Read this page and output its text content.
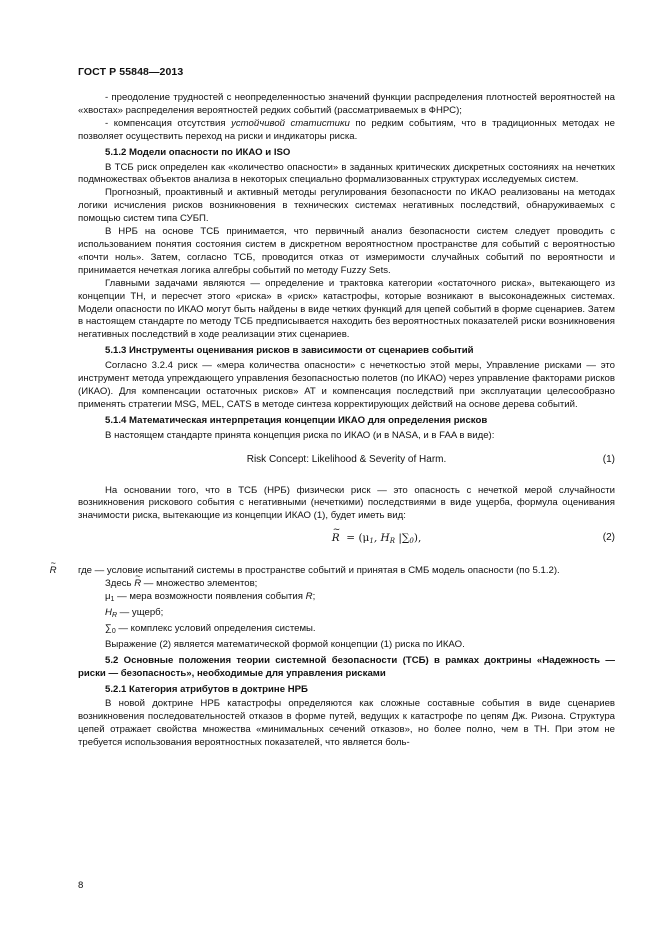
ГОСТ Р 55848—2013

- преодоление трудностей с неопределенностью значений функции распределения плотностей вероятностей на «хвостах» распределения вероятностей редких событий (рассматриваемых в ФНРС);

- компенсация отсутствия устойчивой статистики по редким событиям, что в традиционных методах не позволяет осуществить переход на риски и индикаторы риска.

5.1.2 Модели опасности по ИКАО и ISO

В ТСБ риск определен как «количество опасности» в заданных критических дискретных состояниях на нечетких подмножествах объектов анализа в некоторых специально формализованных структурах исследуемых систем.

Прогнозный, проактивный и активный методы регулирования безопасности по ИКАО реализованы на методах логики исчисления рисков возникновения в технических системах негативных последствий, обнаруживаемых с помощью систем типа СУБП.

В НРБ на основе ТСБ принимается, что первичный анализ безопасности систем следует проводить с использованием понятия состояния систем в дискретном вероятностном пространстве для событий с вероятностью «почти ноль». Затем, согласно ТСБ, проводится отказ от измеримости случайных событий по вероятности и принимается нечеткая логика алгебры событий по методу Fuzzy Sets.

Главными задачами являются — определение и трактовка категории «остаточного риска», вытекающего из концепции ТН, и пересчет этого «риска» в «риск» катастрофы, которые возникают в высоконадежных системах. Модели опасности по ИКАО могут быть найдены в виде четких функций для цепей событий в форме сценариев. Затем в настоящем стандарте по методу ТСБ предписывается находить без вероятностных показателей риски возникновения негативных последствий в ходе реализации этих сценариев.

5.1.3 Инструменты оценивания рисков в зависимости от сценариев событий

Согласно 3.2.4 риск — «мера количества опасности» с нечеткостью этой меры, Управление рисками — это инструмент метода упреждающего управления безопасностью полетов (по ИКАО) через управление факторами рисков (ИКАО). Для компенсации остаточных рисков» АТ и компенсация последствий при эксплуатации целесообразно применять стратегии MSG, MEL, CATS в методе синтеза корректирующих действий на основе дерева событий.

5.1.4 Математическая интерпретация концепции ИКАО для определения рисков

В настоящем стандарте принята концепция риска по ИКАО (и в NASA, и в FAA в виде):

Risk Concept: Likelihood & Severity of Harm.	(1)

На основании того, что в ТСБ (НРБ) физически риск — это опасность с нечеткой мерой случайности возникновения рискового события с негативными (нечеткими) последствиями в виде ущерба, формула оценивания значимости риска, вытекающие из концепции ИКАО (1), будет иметь вид:

~ $R = (\mu_1$, $H_R$ $|\sum_0$),	(2)

где R	— условие испытаний системы в пространстве событий и принятая в СМБ модель опасности (по 5.1.2).

Здесь ~ R — множество элементов;

$\mu_1$ — мера возможности появления события R;

$H_R$ — ущерб;

$\sum_0$ — комплекс условий определения системы.

Выражение (2) является математической формой концепции (1) риска по ИКАО.

5.2 Основные положения теории системной безопасности (ТСБ) в рамках доктрины «Надежность — риски — безопасность», необходимые для управления рисками

5.2.1 Категория атрибутов в доктрине НРБ

В новой доктрине НРБ катастрофы определяются как сложные составные события в виде сценариев возникновения последовательностей отказов в форме путей, ведущих к катастрофе по цепям Дж. Ризона. Структура цепей отражает свойства множества «минимальных сечений отказов», но более полно, чем в ТН. При этом не требуется использования вероятностных показателей, что является боль-

8
